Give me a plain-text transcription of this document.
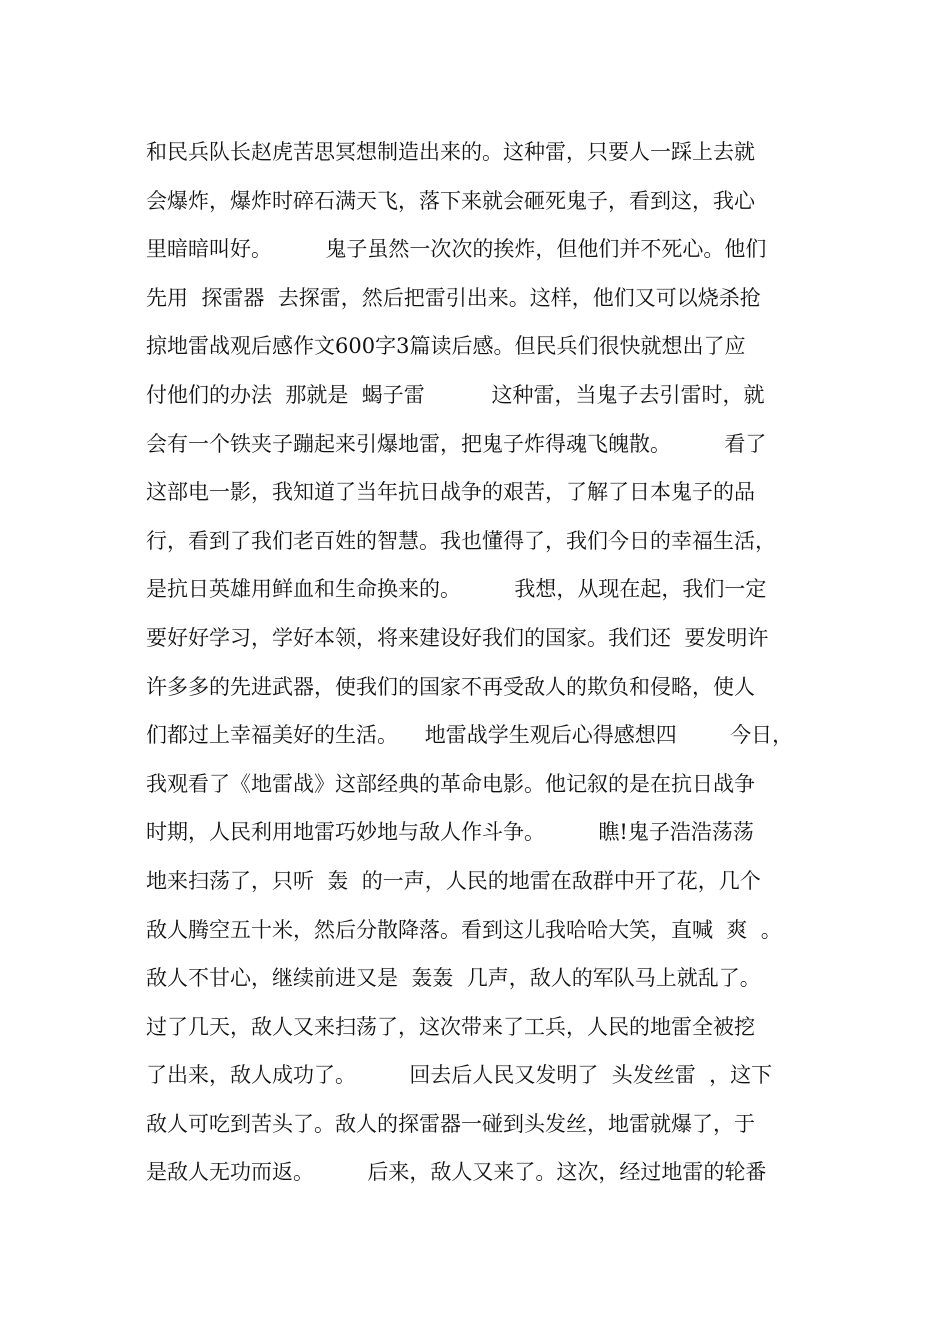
和民兵队长赵虎苦思冥想制造出来的。这种雷，只要人一踩上去就
会爆炸，爆炸时碎石满天飞，落下来就会砸死鬼子，看到这，我心
里暗暗叫好。        鬼子虽然一次次的挨炸，但他们并不死心。他们
先用  探雷器  去探雷，然后把雷引出来。这样，他们又可以烧杀抢
掠地雷战观后感作文600字3篇读后感。但民兵们很快就想出了应
付他们的办法  那就是  蝎子雷          这种雷，当鬼子去引雷时，就
会有一个铁夹子蹦起来引爆地雷，把鬼子炸得魂飞魄散。        看了
这部电一影，我知道了当年抗日战争的艰苦，了解了日本鬼子的品
行，看到了我们老百姓的智慧。我也懂得了，我们今日的幸福生活，
是抗日英雄用鲜血和生命换来的。        我想，从现在起，我们一定
要好好学习，学好本领，将来建设好我们的国家。我们还  要发明许
许多多的先进武器，使我们的国家不再受敌人的欺负和侵略，使人
们都过上幸福美好的生活。    地雷战学生观后心得感想四        今日，
我观看了《地雷战》这部经典的革命电影。他记叙的是在抗日战争
时期，人民利用地雷巧妙地与敌人作斗争。        瞧!鬼子浩浩荡荡
地来扫荡了，只听  轰  的一声，人民的地雷在敌群中开了花，几个
敌人腾空五十米，然后分散降落。看到这儿我哈哈大笑，直喊  爽  。
敌人不甘心，继续前进又是  轰轰  几声，敌人的军队马上就乱了。
过了几天，敌人又来扫荡了，这次带来了工兵，人民的地雷全被挖
了出来，敌人成功了。        回去后人民又发明了  头发丝雷  ，这下
敌人可吃到苦头了。敌人的探雷器一碰到头发丝，地雷就爆了，于
是敌人无功而返。        后来，敌人又来了。这次，经过地雷的轮番
